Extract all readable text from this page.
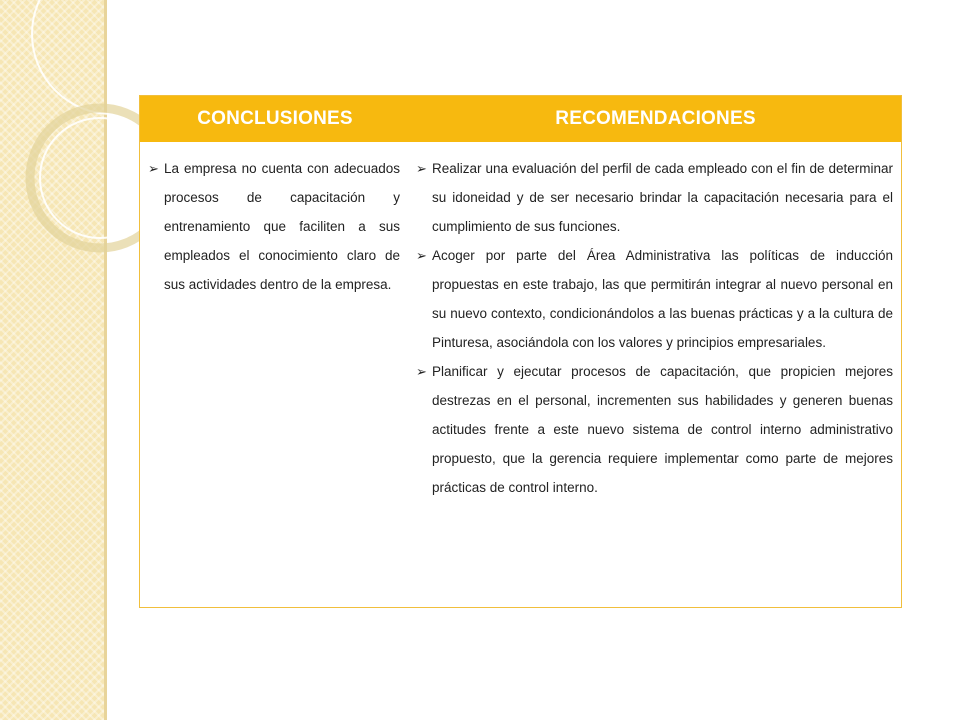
CONCLUSIONES	RECOMENDACIONES
➢ La empresa no cuenta con adecuados procesos de capacitación y entrenamiento que faciliten a sus empleados el conocimiento claro de sus actividades dentro de la empresa.
➢ Realizar una evaluación del perfil de cada empleado con el fin de determinar su idoneidad y de ser necesario brindar la capacitación necesaria para el cumplimiento de sus funciones.
➢ Acoger por parte del Área Administrativa las políticas de inducción propuestas en este trabajo, las que permitirán integrar al nuevo personal en su nuevo contexto, condicionándolos a las buenas prácticas y a la cultura de Pinturesa, asociándola con los valores y principios empresariales.
➢ Planificar y ejecutar procesos de capacitación, que propicien mejores destrezas en el personal, incrementen sus habilidades y generen buenas actitudes frente a este nuevo sistema de control interno administrativo propuesto, que la gerencia requiere implementar como parte de mejores prácticas de control interno.
